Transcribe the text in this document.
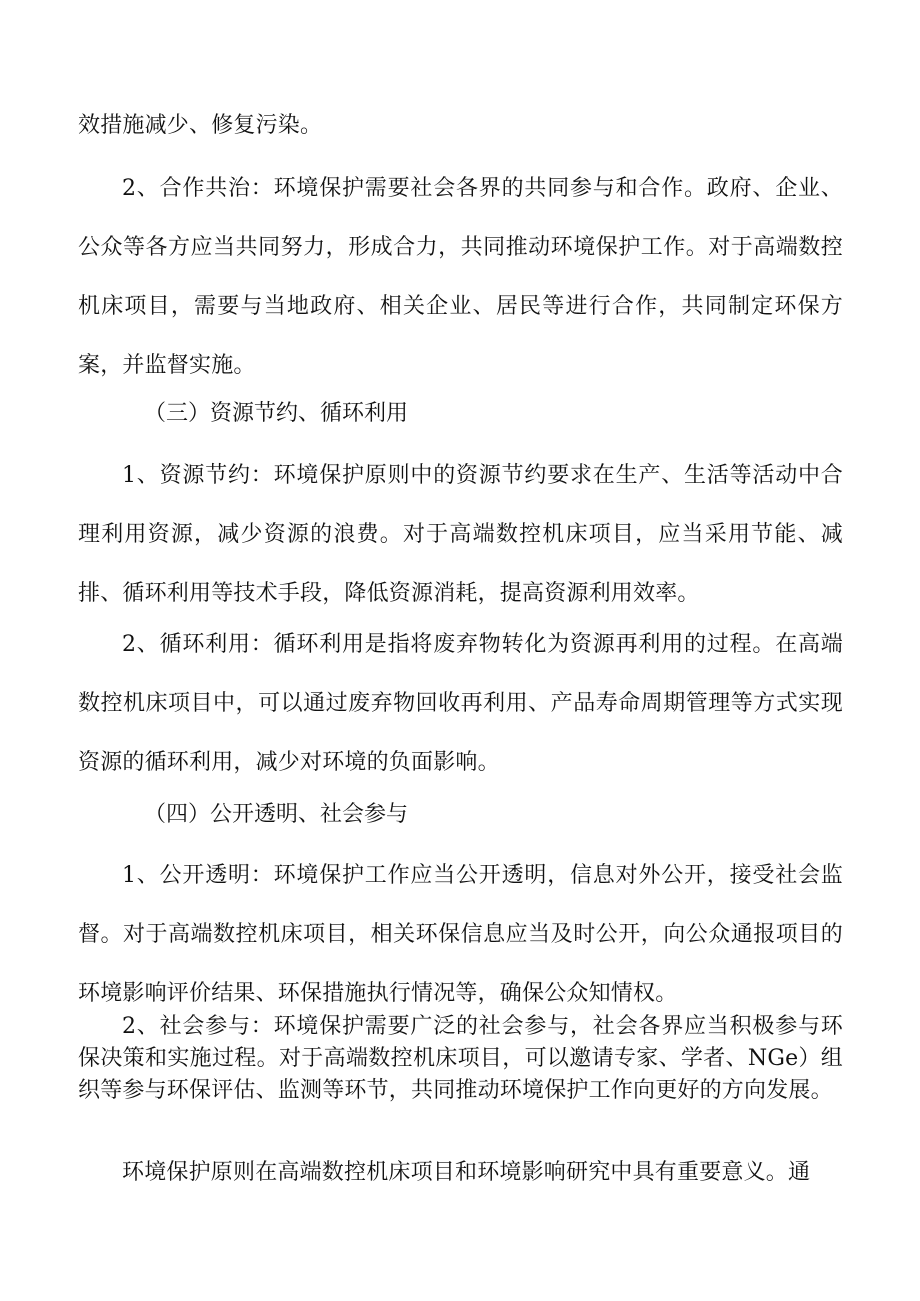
效措施减少、修复污染。

2、合作共治：环境保护需要社会各界的共同参与和合作。政府、企业、公众等各方应当共同努力，形成合力，共同推动环境保护工作。对于高端数控机床项目，需要与当地政府、相关企业、居民等进行合作，共同制定环保方案，并监督实施。

（三）资源节约、循环利用

1、资源节约：环境保护原则中的资源节约要求在生产、生活等活动中合理利用资源，减少资源的浪费。对于高端数控机床项目，应当采用节能、减排、循环利用等技术手段，降低资源消耗，提高资源利用效率。

2、循环利用：循环利用是指将废弃物转化为资源再利用的过程。在高端数控机床项目中，可以通过废弃物回收再利用、产品寿命周期管理等方式实现资源的循环利用，减少对环境的负面影响。

（四）公开透明、社会参与

1、公开透明：环境保护工作应当公开透明，信息对外公开，接受社会监督。对于高端数控机床项目，相关环保信息应当及时公开，向公众通报项目的环境影响评价结果、环保措施执行情况等，确保公众知情权。

2、社会参与：环境保护需要广泛的社会参与，社会各界应当积极参与环保决策和实施过程。对于高端数控机床项目，可以邀请专家、学者、NGe）组织等参与环保评估、监测等环节，共同推动环境保护工作向更好的方向发展。

环境保护原则在高端数控机床项目和环境影响研究中具有重要意义。通
